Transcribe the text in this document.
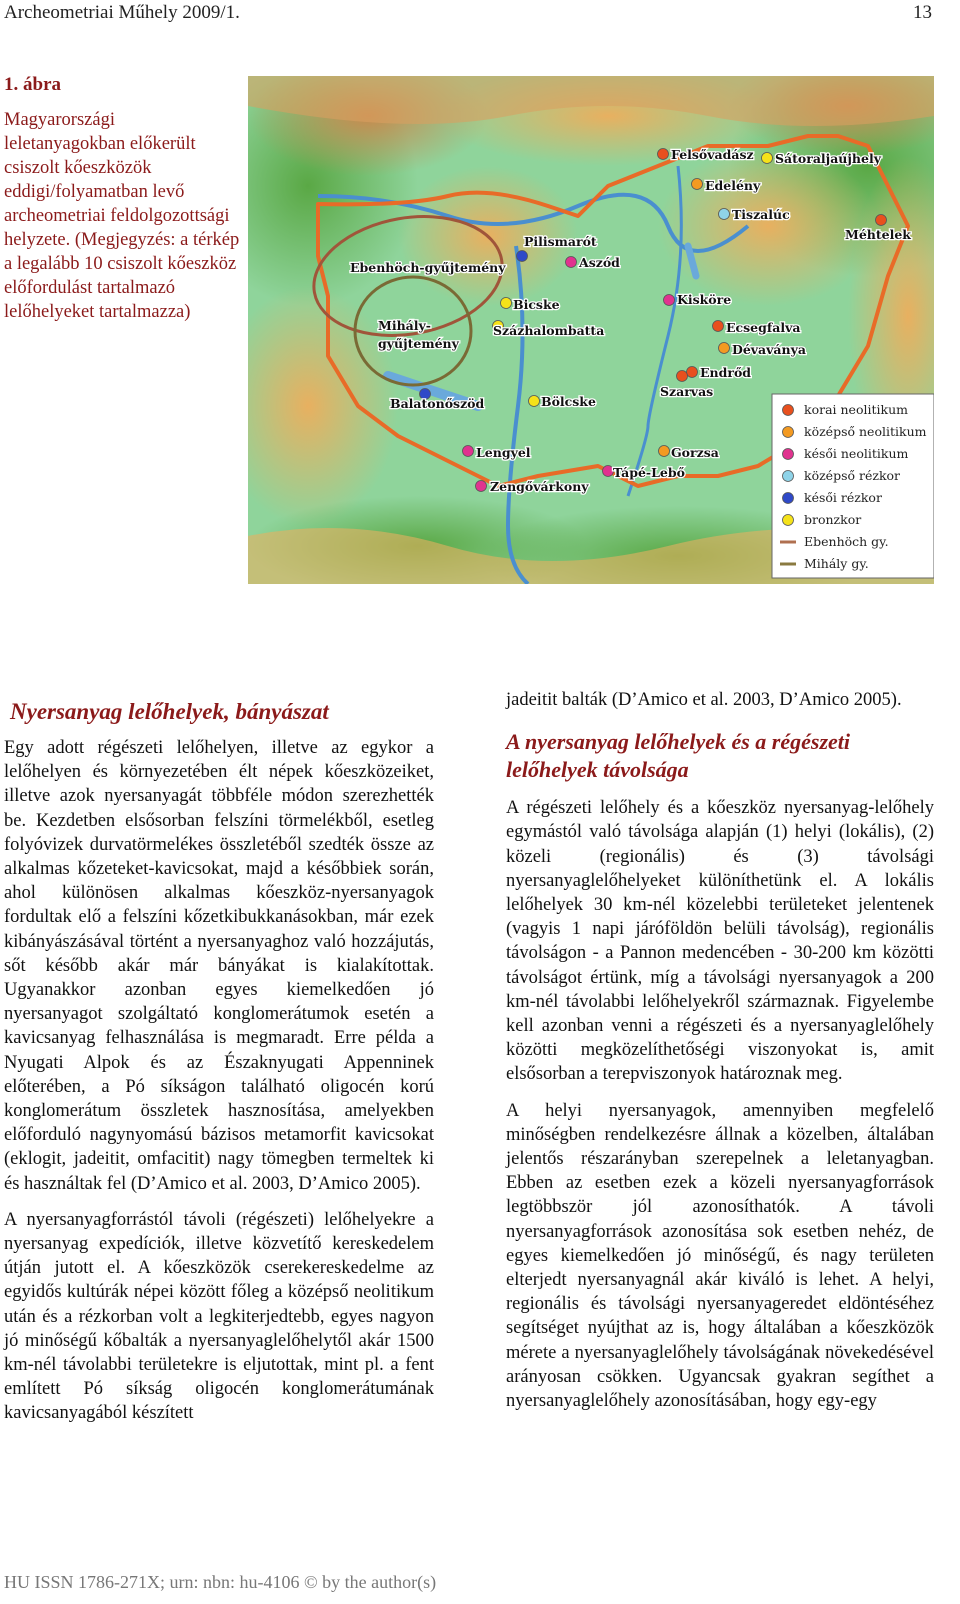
Archeometriai Műhely 2009/1.	13
1. ábra
Magyarországi leletanyagokban előkerült csiszolt kőeszközök eddigi/folyamatban levő archeometriai feldolgozottsági helyzete. (Megjegyzés: a térkép a legalább 10 csiszolt kőeszköz előfordulást tartalmazó lelőhelyeket tartalmazza)
Felsővadász Sátoraljaújhely
Edelény
Tiszalúc
Méhtelek
Pilismarót
Aszód
Ebenhöch-gyűjtemény
Bicske
Százhalombatta
Mihály-
gyűjtemény
Kisköre
Ecsegfalva
Dévaványa
Endrőd
Szarvas
Balatonőszöd	Bölcske
Lengyel	Gorzsa
Tápé-Lebő
Zengővárkony
korai neolitikum
középső neolitikum
késői neolitikum
középső rézkor
késői rézkor
bronzkor
Ebenhöch gy.
Mihály gy.
Nyersanyag lelőhelyek, bányászat

Egy adott régészeti lelőhelyen, illetve az egykor a lelőhelyen és környezetében élt népek kőeszközeiket, illetve azok nyersanyagát többféle módon szerezhették be. Kezdetben elsősorban felszíni törmelékből, esetleg folyóvizek durvatörmelékes összletéből szedték össze az alkalmas kőzeteket-kavicsokat, majd a későbbiek során, ahol különösen alkalmas kőeszköz-nyersanyagok fordultak elő a felszíni kőzetkibukkanásokban, már ezek kibányászásával történt a nyersanyaghoz való hozzájutás, sőt később akár már bányákat is kialakítottak. Ugyanakkor azonban egyes kiemelkedően jó nyersanyagot szolgáltató konglomerátumok esetén a kavicsanyag felhasználása is megmaradt. Erre példa a Nyugati Alpok és az Északnyugati Appenninek előterében, a Pó síkságon található oligocén korú konglomerátum összletek hasznosítása, amelyekben előforduló nagynyomású bázisos metamorfit kavicsokat (eklogit, jadeitit, omfacitit) nagy tömegben termeltek ki és használtak fel (D’Amico et al. 2003, D’Amico 2005).

A nyersanyagforrástól távoli (régészeti) lelőhelyekre a nyersanyag expedíciók, illetve közvetítő kereskedelem útján jutott el. A kőeszközök cserekereskedelme az egyidős kultúrák népei között főleg a középső neolitikum után és a rézkorban volt a legkiterjedtebb, egyes nagyon jó minőségű kőbalták a nyersanyaglelőhelytől akár 1500 km-nél távolabbi területekre is eljutottak, mint pl. a fent említett Pó síkság oligocén konglomerátumának kavicsanyagából készített

jadeitit balták (D’Amico et al. 2003, D’Amico 2005).

A nyersanyag lelőhelyek és a régészeti lelőhelyek távolsága

A régészeti lelőhely és a kőeszköz nyersanyag-lelőhely egymástól való távolsága alapján (1) helyi (lokális), (2) közeli (regionális) és (3) távolsági nyersanyaglelőhelyeket különíthetünk el. A lokális lelőhelyek 30 km-nél közelebbi területeket jelentenek (vagyis 1 napi járóföldön belüli távolság), regionális távolságon - a Pannon medencében - 30-200 km közötti távolságot értünk, míg a távolsági nyersanyagok a 200 km-nél távolabbi lelőhelyekről származnak. Figyelembe kell azonban venni a régészeti és a nyersanyaglelőhely közötti megközelíthetőségi viszonyokat is, amit elsősorban a terepviszonyok határoznak meg.

A helyi nyersanyagok, amennyiben megfelelő minőségben rendelkezésre állnak a közelben, általában jelentős részarányban szerepelnek a leletanyagban. Ebben az esetben ezek a közeli nyersanyagforrások legtöbbször jól azonosíthatók. A távoli nyersanyagforrások azonosítása sok esetben nehéz, de egyes kiemelkedően jó minőségű, és nagy területen elterjedt nyersanyagnál akár kiváló is lehet. A helyi, regionális és távolsági nyersanyageredet eldöntéséhez segítséget nyújthat az is, hogy általában a kőeszközök mérete a nyersanyaglelőhely távolságának növekedésével arányosan csökken. Ugyancsak gyakran segíthet a nyersanyaglelőhely azonosításában, hogy egy-egy

HU ISSN 1786-271X; urn: nbn: hu-4106 © by the author(s)
